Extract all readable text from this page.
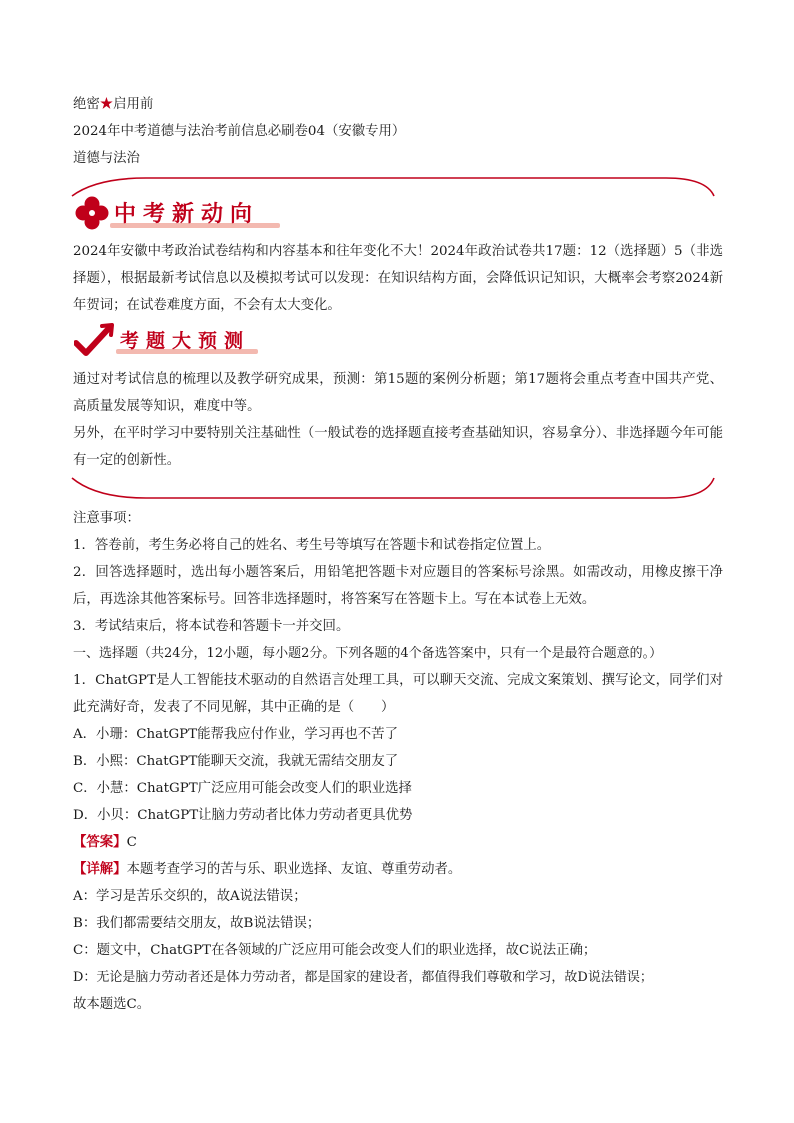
绝密★启用前
2024年中考道德与法治考前信息必刷卷04（安徽专用）
道德与法治
中考新动向
2024年安徽中考政治试卷结构和内容基本和往年变化不大！2024年政治试卷共17题：12（选择题）5（非选择题），根据最新考试信息以及模拟考试可以发现：在知识结构方面，会降低识记知识，大概率会考察2024新年贺词；在试卷难度方面，不会有太大变化。
考题大预测
通过对考试信息的梳理以及教学研究成果，预测：第15题的案例分析题；第17题将会重点考查中国共产党、高质量发展等知识，难度中等。
另外，在平时学习中要特别关注基础性（一般试卷的选择题直接考查基础知识，容易拿分）、非选择题今年可能有一定的创新性。
注意事项：
1．答卷前，考生务必将自己的姓名、考生号等填写在答题卡和试卷指定位置上。
2．回答选择题时，选出每小题答案后，用铅笔把答题卡对应题目的答案标号涂黑。如需改动，用橡皮擦干净后，再选涂其他答案标号。回答非选择题时，将答案写在答题卡上。写在本试卷上无效。
3．考试结束后，将本试卷和答题卡一并交回。
一、选择题（共24分，12小题，每小题2分。下列各题的4个备选答案中，只有一个是最符合题意的。）
1．ChatGPT是人工智能技术驱动的自然语言处理工具，可以聊天交流、完成文案策划、撰写论文，同学们对此充满好奇，发表了不同见解，其中正确的是（　　）
A．小珊：ChatGPT能帮我应付作业，学习再也不苦了
B．小熙：ChatGPT能聊天交流，我就无需结交朋友了
C．小慧：ChatGPT广泛应用可能会改变人们的职业选择
D．小贝：ChatGPT让脑力劳动者比体力劳动者更具优势
【答案】C
【详解】本题考查学习的苦与乐、职业选择、友谊、尊重劳动者。
A：学习是苦乐交织的，故A说法错误；
B：我们都需要结交朋友，故B说法错误；
C：题文中，ChatGPT在各领域的广泛应用可能会改变人们的职业选择，故C说法正确；
D：无论是脑力劳动者还是体力劳动者，都是国家的建设者，都值得我们尊敬和学习，故D说法错误；
故本题选C。
